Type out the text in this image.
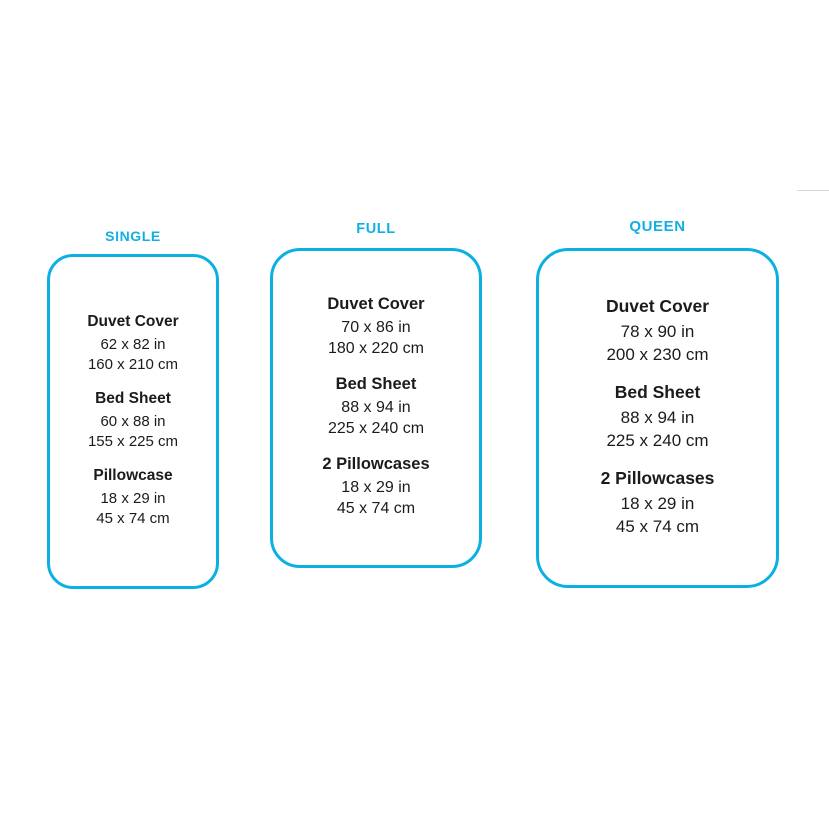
SINGLE
Duvet Cover
62 x 82 in
160 x 210 cm
Bed Sheet
60 x 88 in
155 x 225 cm
Pillowcase
18 x 29 in
45 x 74 cm
FULL
Duvet Cover
70 x 86 in
180 x 220 cm
Bed Sheet
88 x 94 in
225 x 240 cm
2 Pillowcases
18 x 29 in
45 x 74 cm
QUEEN
Duvet Cover
78 x 90 in
200 x 230 cm
Bed Sheet
88 x 94 in
225 x 240 cm
2 Pillowcases
18 x 29 in
45 x 74 cm
